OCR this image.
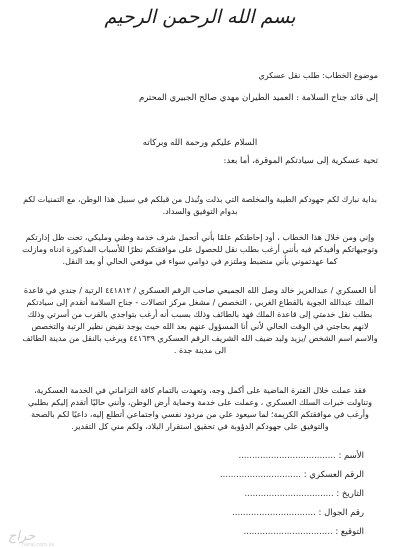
بسم الله الرحمن الرحيم
موضوع الخطاب: طلب نقل عسكري
إلى قائد جناح السلامة : العميد الطيران مهدي صالح الجبيري المحترم
السلام عليكم ورحمة الله وبركاته
تحية عسكرية إلى سيادتكم الموقرة، أما بعد:
بداية نبارك لكم جهودكم الطيبة والمخلصة التي بذلت وتُبذل من قبلكم في سبيل هذا الوطن، مع التمنيات لكم بدوام التوفيق والسداد.
وإني ومن خلال هذا الخطاب ، أود إحاطتكم علمًا بأني أتحمل شرف خدمة وطني ومليكي، تحت ظل إدارتكم وتوجيهاتكم وأفيدكم فيه بأنني أرغب بطلب نقل للحصول على موافقتكم نظرًا للأسباب المذكورة ادناه ومازلت كما عهدتموني بأني منضبط وملتزم في دوامي سواء في موقعي الحالي أو بعد النقل.
أنا العسكري / عبدالعزيز خالد وصل الله الجميعي صاحب الرقم العسكري / ٤٤١٨١٢ الرتبة / جندي في قاعدة الملك عبدالله الجوية بالقطاع الغربي ، التخصص / مشغل مركز اتصالات - جناح السلامة أتقدم إلى سيادتكم بطلب نقل خدمتي إلى قاعدة الملك فهد بالطائف وذلك بسبب أنه أرغب بتواجدي بالقرب من أسرتي وذلك لانهم بحاجتي في الوقت الحالي لأني أنا المسؤول عنهم بعد الله حيث يوجد نقيض نظير الرتبة والتخصص والاسم اسم الشخص /يزيد وليد ضيف الله الشريف الرقم العسكري ٤٤١٦٣٩ ويرغب بالنقل من مدينة الطائف الى مدينة جدة .
فقد عملت خلال الفترة الماضية على أكمل وجه، وتعهدت بالتمام كافة التزاماتي في الخدمة العسكرية، وتناولت خبرات السلك العسكري ، وعملت على خدمة وحماية أرض الوطن، وأنني حاليًا أتقدم إليكم بطلبي وأرغب في موافقتكم الكريمة؛ لما سيعود علي من مردود نفسي واجتماعي أتطلع إليه، داعيًا لكم بالصحة والتوفيق على جهودكم الدؤوبة في تحقيق استقرار البلاد، ولكم مني كل التقدير.
الأسم : ....................................
الرقم العسكري : ..............................
التاريخ : .................................
رقم الجوال : ...............................
التوقيع : .................................
حراج
haraj.com.sa
